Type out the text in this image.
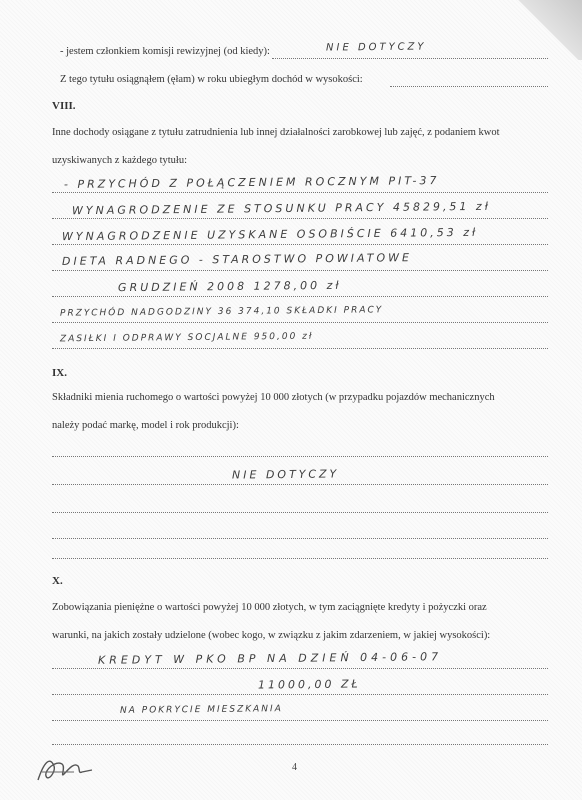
- jestem członkiem komisji rewizyjnej (od kiedy):	NIE DOTYCZY
Z tego tytułu osiągnąłem (ęłam) w roku ubiegłym dochód w wysokości:
VIII.
Inne dochody osiągane z tytułu zatrudnienia lub innej działalności zarobkowej lub zajęć, z podaniem kwot
uzyskiwanych z każdego tytułu:
- PRZYCHÓD Z POŁĄCZENIEM ROCZNYM PIT-37
WYNAGRODZENIE ZE STOSUNKU PRACY 45829,51 zł
WYNAGRODZENIE UZYSKANE OSOBIŚCIE 6410,53 zł
DIETA RADNEGO - STAROSTWO POWIATOWE
GRUDZIEŃ 2008 1278,00 zł
PRZYCHÓD NADGODZINY 36 374,10 SKŁADKI PRACY
ZASIŁKI I ODPRAWY SOCJALNE 950,00 zł
IX.
Składniki mienia ruchomego o wartości powyżej 10 000 złotych (w przypadku pojazdów mechanicznych
należy podać markę, model i rok produkcji):
NIE DOTYCZY
X.
Zobowiązania pieniężne o wartości powyżej 10 000 złotych, w tym zaciągnięte kredyty i pożyczki oraz
warunki, na jakich zostały udzielone (wobec kogo, w związku z jakim zdarzeniem, w jakiej wysokości):
KREDYT W PKO BP NA DZIEŃ 04-06-07
11000,00 ZŁ
NA POKRYCIE MIESZKANIA
4
